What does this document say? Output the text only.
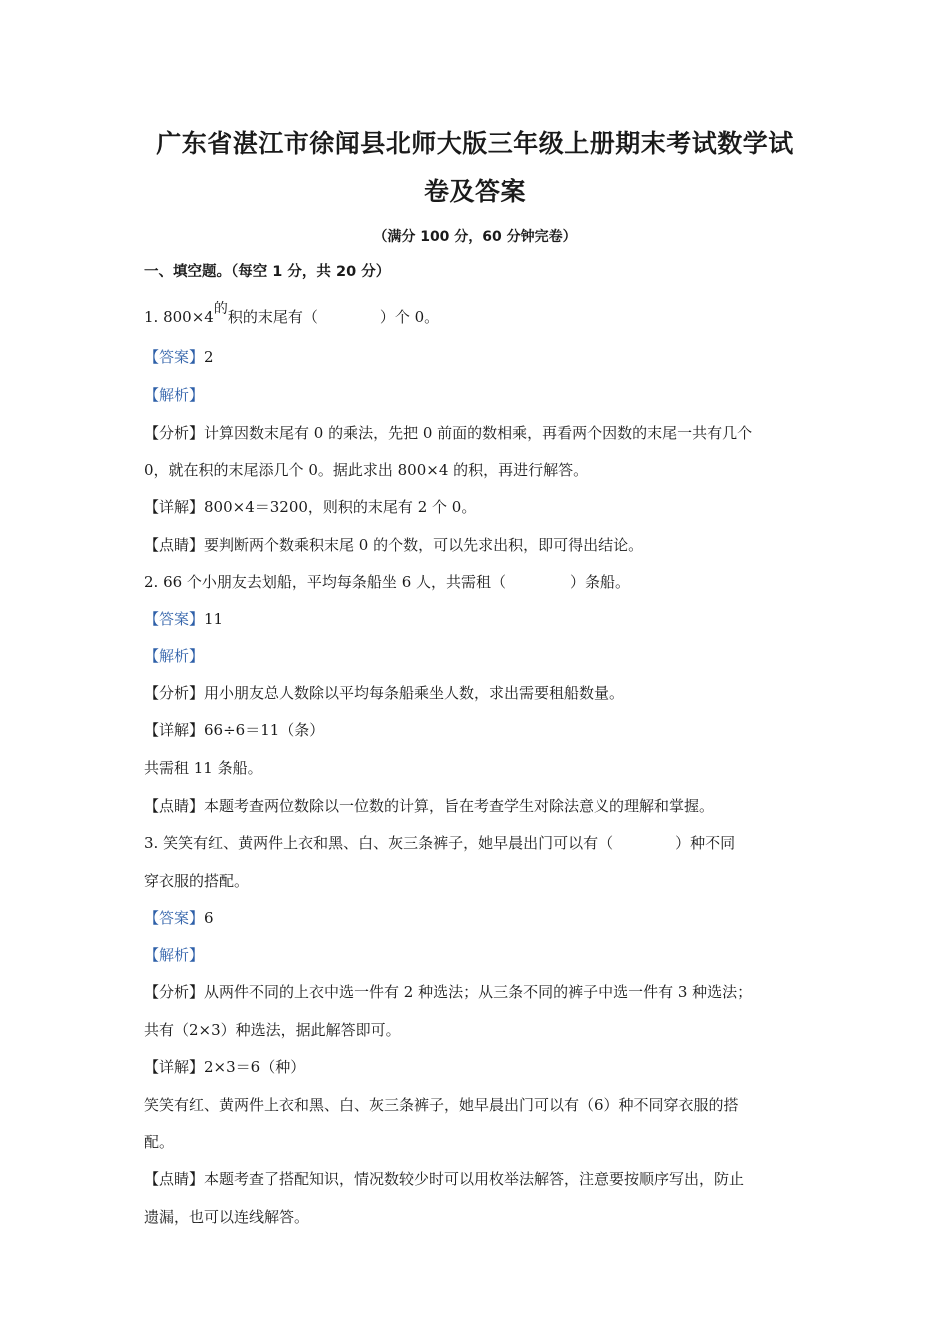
广东省湛江市徐闻县北师大版三年级上册期末考试数学试
卷及答案
（满分 100 分，60 分钟完卷）
一、填空题。（每空 1 分，共 20 分）
1. 800×4的积的末尾有（	）个 0。
【答案】2
【解析】
【分析】计算因数末尾有 0 的乘法，先把 0 前面的数相乘，再看两个因数的末尾一共有几个
0，就在积的末尾添几个 0。据此求出 800×4 的积，再进行解答。
【详解】800×4＝3200，则积的末尾有 2 个 0。
【点睛】要判断两个数乘积末尾 0 的个数，可以先求出积，即可得出结论。
2. 66 个小朋友去划船，平均每条船坐 6 人，共需租（	）条船。
【答案】11
【解析】
【分析】用小朋友总人数除以平均每条船乘坐人数，求出需要租船数量。
【详解】66÷6＝11（条）
共需租 11 条船。
【点睛】本题考查两位数除以一位数的计算，旨在考查学生对除法意义的理解和掌握。
3. 笑笑有红、黄两件上衣和黑、白、灰三条裤子，她早晨出门可以有（	）种不同
穿衣服的搭配。
【答案】6
【解析】
【分析】从两件不同的上衣中选一件有 2 种选法；从三条不同的裤子中选一件有 3 种选法；
共有（2×3）种选法，据此解答即可。
【详解】2×3＝6（种）
笑笑有红、黄两件上衣和黑、白、灰三条裤子，她早晨出门可以有（6）种不同穿衣服的搭
配。
【点睛】本题考查了搭配知识，情况数较少时可以用枚举法解答，注意要按顺序写出，防止
遗漏，也可以连线解答。
